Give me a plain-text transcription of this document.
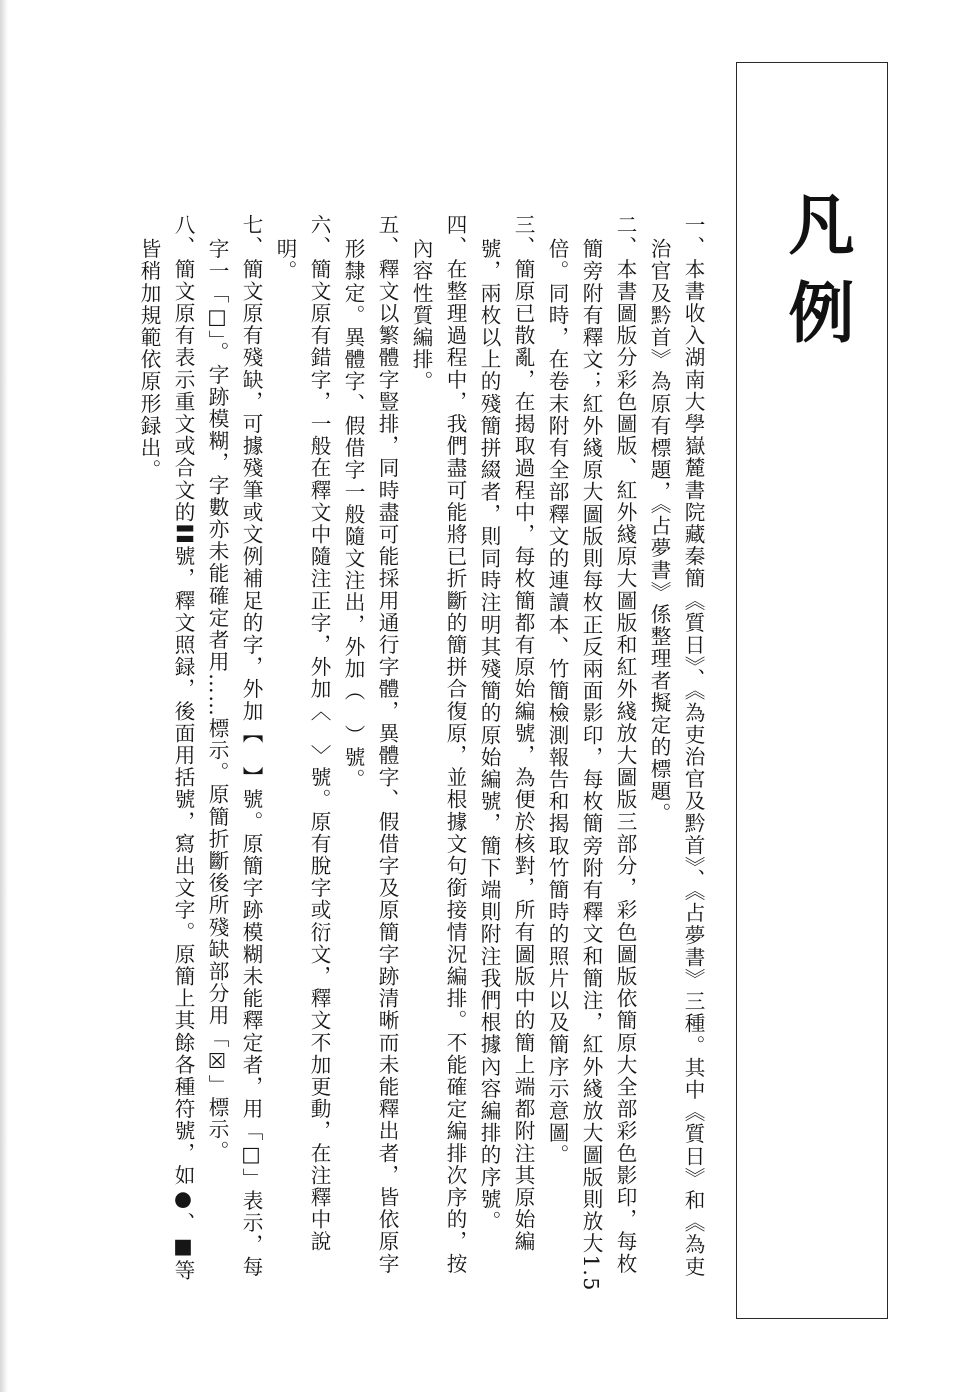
凡例

一、本書收入湖南大學嶽麓書院藏秦簡《質日》、《為吏治官及黔首》、《占夢書》三種。其中《質日》和《為吏治官及黔首》為原有標題，《占夢書》係整理者擬定的標題。

二、本書圖版分彩色圖版、紅外綫原大圖版和紅外綫放大圖版三部分，彩色圖版依簡原大全部彩色影印，每枚簡旁附有釋文；紅外綫原大圖版則每枚正反兩面影印，每枚簡旁附有釋文和簡注，紅外綫放大圖版則放大1.5倍。同時，在卷末附有全部釋文的連讀本、竹簡檢測報告和揭取竹簡時的照片以及簡序示意圖。

三、簡原已散亂，在揭取過程中，每枚簡都有原始編號，為便於核對，所有圖版中的簡上端都附注其原始編號，兩枚以上的殘簡拼綴者，則同時注明其殘簡的原始編號，簡下端則附注我們根據內容編排的序號。

四、在整理過程中，我們盡可能將已折斷的簡拼合復原，並根據文句銜接情況編排。不能確定編排次序的，按內容性質編排。

五、釋文以繁體字豎排，同時盡可能採用通行字體，異體字、假借字及原簡字跡清晰而未能釋出者，皆依原字形隸定。異體字、假借字一般隨文注出，外加（　）號。

六、簡文原有錯字，一般在釋文中隨注正字，外加〈　〉號。原有脫字或衍文，釋文不加更動，在注釋中說明。

七、簡文原有殘缺，可據殘筆或文例補足的字，外加【　】號。原簡字跡模糊未能釋定者，用「□」表示，每字一「□」。字跡模糊，字數亦未能確定者用……標示。原簡折斷後所殘缺部分用「☒」標示。

八、簡文原有表示重文或合文的〓號，釋文照録，後面用括號，寫出文字。原簡上其餘各種符號，如●、■等皆稍加規範依原形録出。
